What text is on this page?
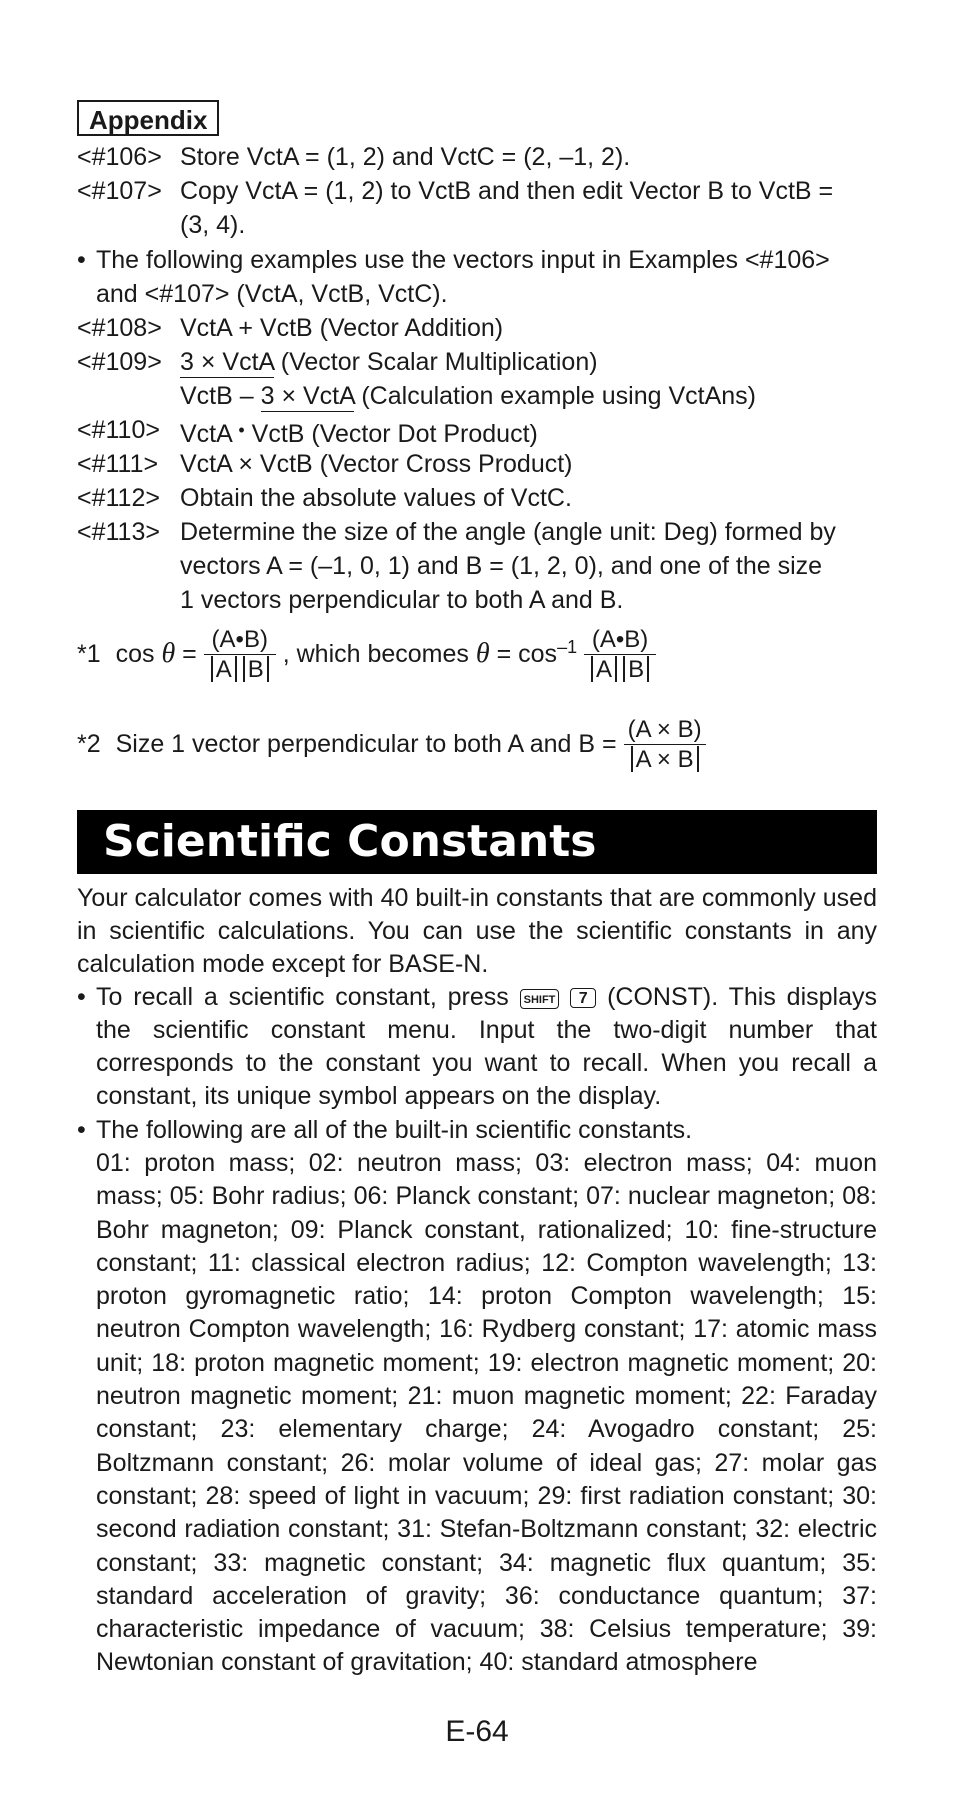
Appendix
<#106> Store VctA = (1, 2) and VctC = (2, –1, 2).
<#107> Copy VctA = (1, 2) to VctB and then edit Vector B to VctB =
(3, 4).
• The following examples use the vectors input in Examples <#106>
and <#107> (VctA, VctB, VctC).
<#108> VctA + VctB (Vector Addition)
<#109> 3 × VctA (Vector Scalar Multiplication)
VctB – 3 × VctA (Calculation example using VctAns)
<#110> VctA • VctB (Vector Dot Product)
<#111> VctA × VctB (Vector Cross Product)
<#112> Obtain the absolute values of VctC.
<#113> Determine the size of the angle (angle unit: Deg) formed by
vectors A = (–1, 0, 1) and B = (1, 2, 0), and one of the size
1 vectors perpendicular to both A and B.
*1 $\cos \theta = \frac{(A•B)}{\text{A B}}$ , which becomes $\theta = \cos^{-1} \frac{(A•B)}{\text{A B}}$
*2 Size 1 vector perpendicular to both A and $B = \frac{(A \times B)}{A \times B}$
Scientific Constants
Your calculator comes with 40 built-in constants that are commonly used in scientific calculations. You can use the scientific constants in any calculation mode except for BASE-N.
• To recall a scientific constant, press SHIFT 7 (CONST). This displays the scientific constant menu. Input the two-digit number that corresponds to the constant you want to recall. When you recall a constant, its unique symbol appears on the display.
• The following are all of the built-in scientific constants.
01: proton mass; 02: neutron mass; 03: electron mass; 04: muon mass; 05: Bohr radius; 06: Planck constant; 07: nuclear magneton; 08: Bohr magneton; 09: Planck constant, rationalized; 10: fine-structure constant; 11: classical electron radius; 12: Compton wavelength; 13: proton gyromagnetic ratio; 14: proton Compton wavelength; 15: neutron Compton wavelength; 16: Rydberg constant; 17: atomic mass unit; 18: proton magnetic moment; 19: electron magnetic moment; 20: neutron magnetic moment; 21: muon magnetic moment; 22: Faraday constant; 23: elementary charge; 24: Avogadro constant; 25: Boltzmann constant; 26: molar volume of ideal gas; 27: molar gas constant; 28: speed of light in vacuum; 29: first radiation constant; 30: second radiation constant; 31: Stefan-Boltzmann constant; 32: electric constant; 33: magnetic constant; 34: magnetic flux quantum; 35: standard acceleration of gravity; 36: conductance quantum; 37: characteristic impedance of vacuum; 38: Celsius temperature; 39: Newtonian constant of gravitation; 40: standard atmosphere
E-64
